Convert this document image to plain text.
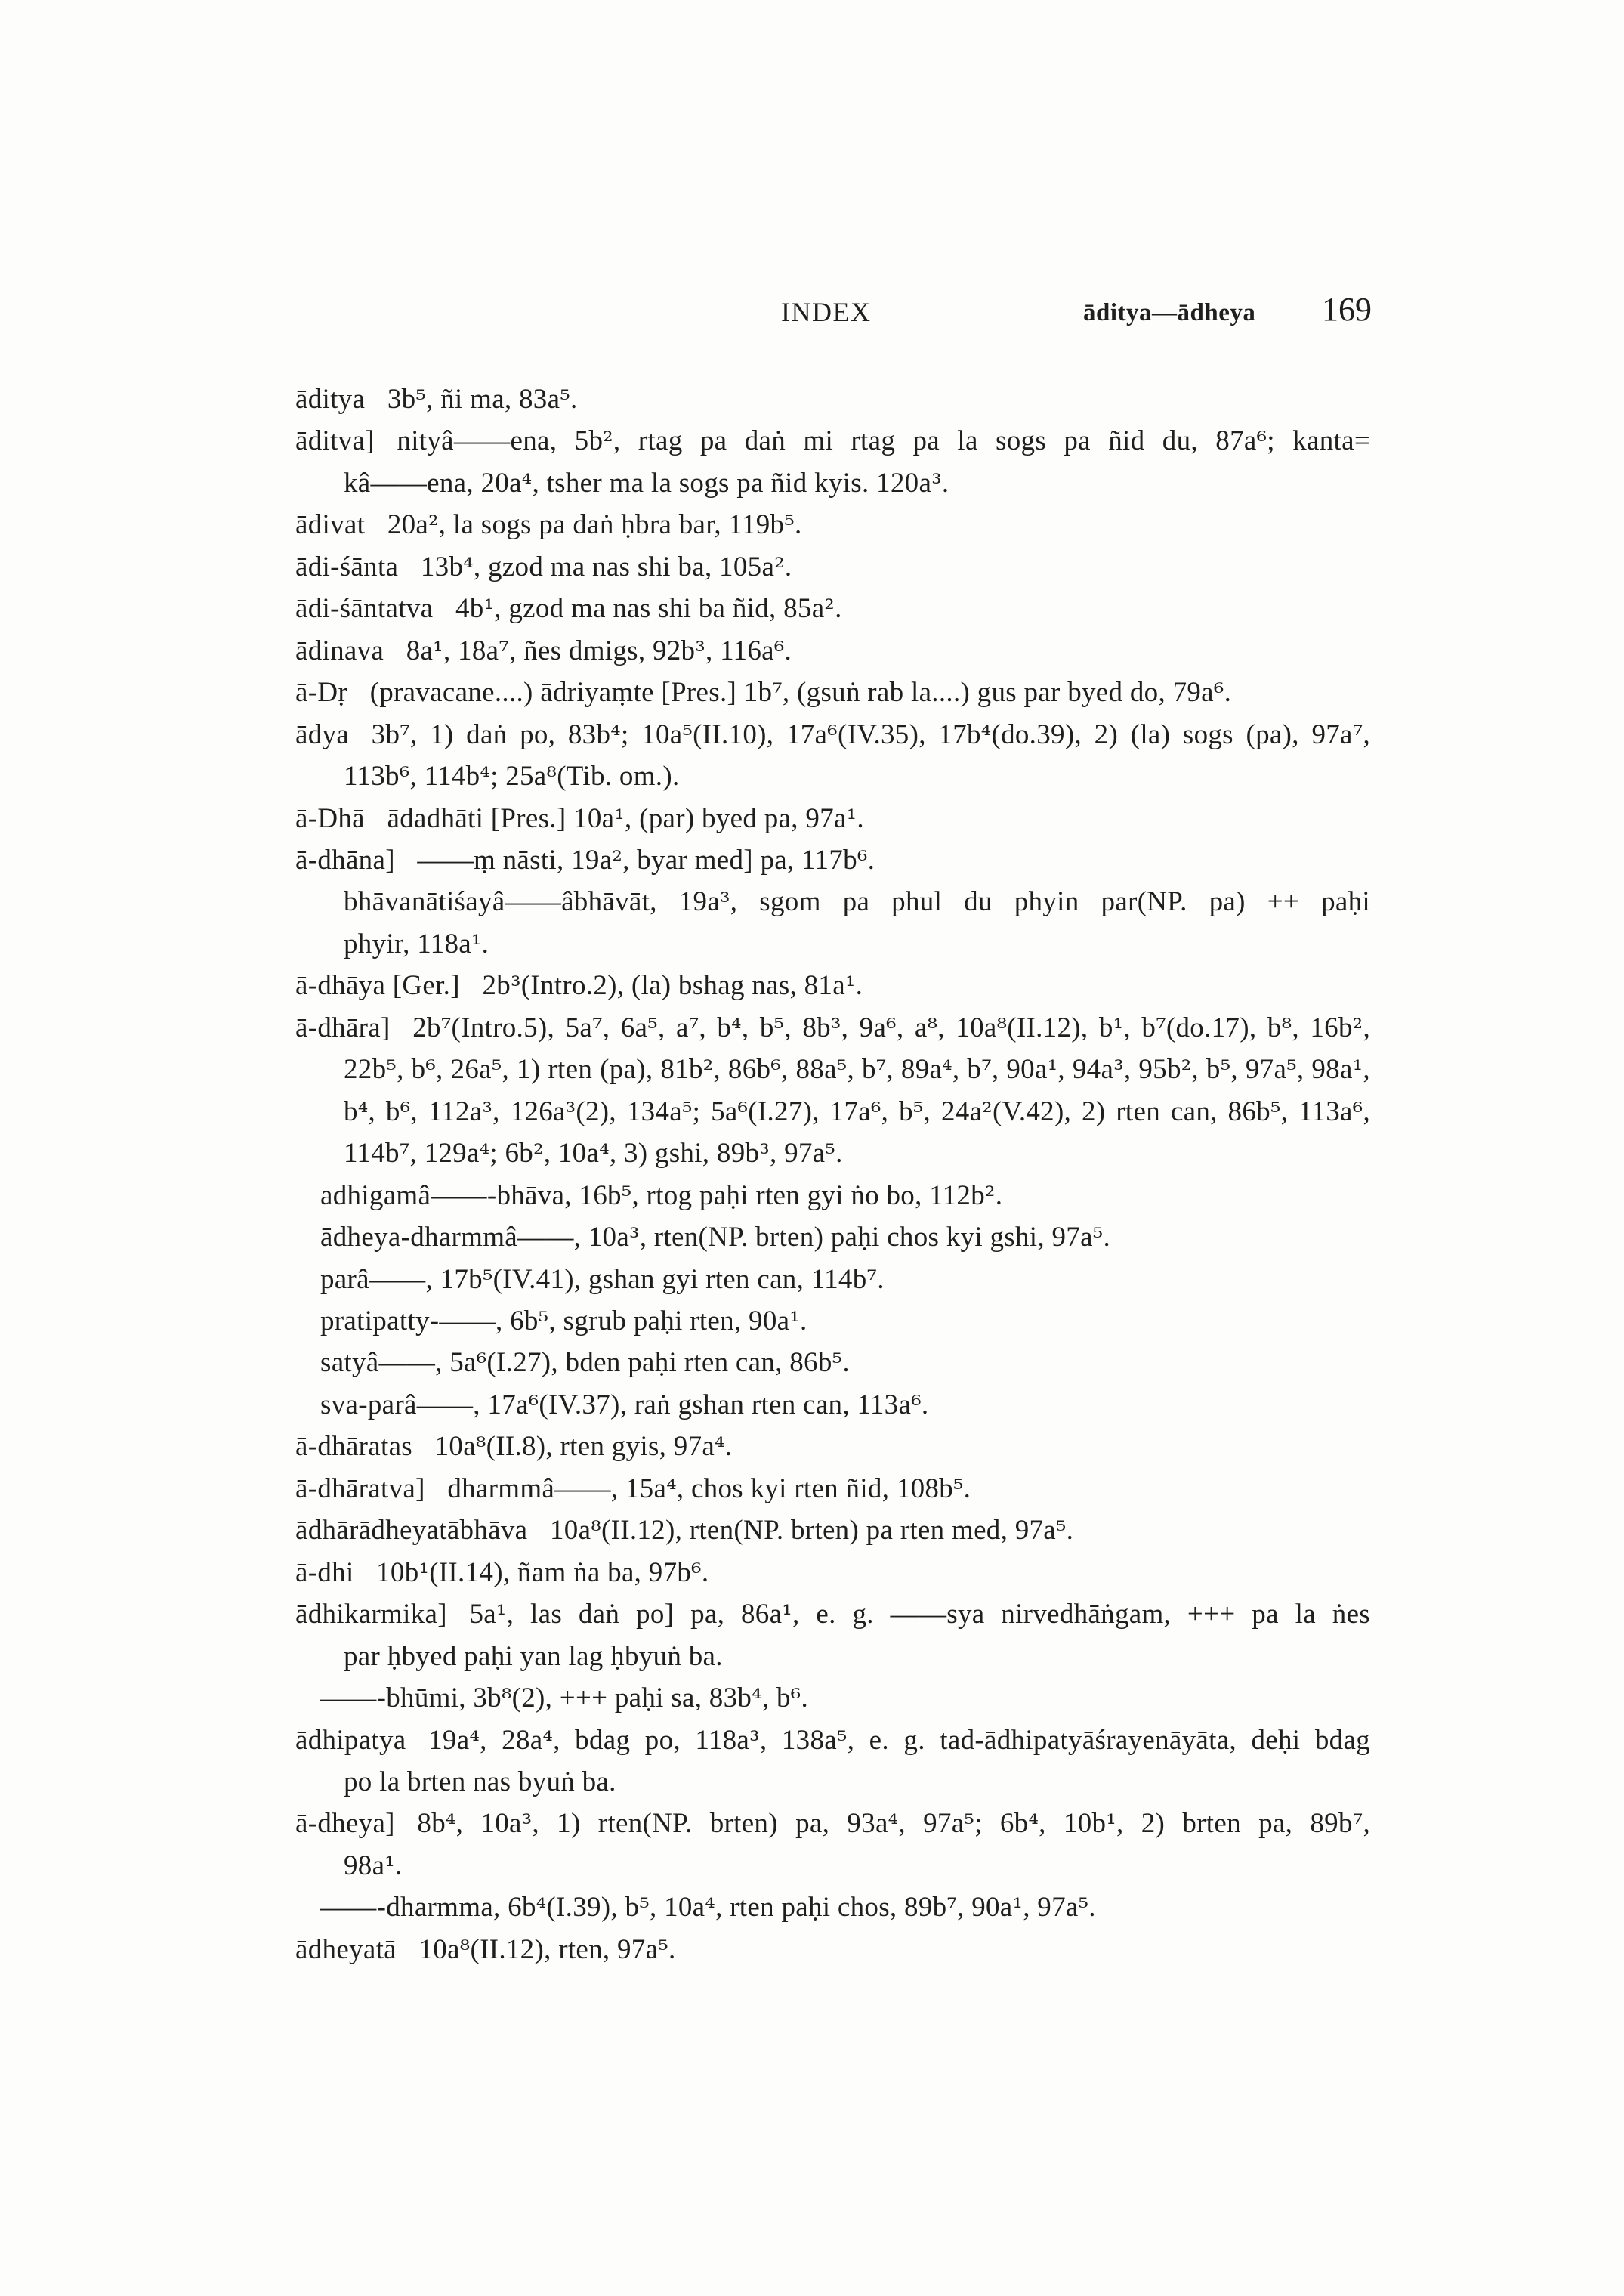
INDEX	āditya—ādheya 169
āditya 3b⁵, ñi ma, 83a⁵.
āditva] nityâ——ena, 5b², rtag pa daṅ mi rtag pa la sogs pa ñid du, 87a⁶; kanta=
kâ——ena, 20a⁴, tsher ma la sogs pa ñid kyis. 120a³.
ādivat 20a², la sogs pa daṅ ḥbra bar, 119b⁵.
ādi-śānta 13b⁴, gzod ma nas shi ba, 105a².
ādi-śāntatva 4b¹, gzod ma nas shi ba ñid, 85a².
ādinava 8a¹, 18a⁷, ñes dmigs, 92b³, 116a⁶.
ā-Dṛ (pravacane....) ādriyaṃte [Pres.] 1b⁷, (gsuṅ rab la....) gus par byed do, 79a⁶.
ādya 3b⁷, 1) daṅ po, 83b⁴; 10a⁵(II.10), 17a⁶(IV.35), 17b⁴(do.39), 2) (la) sogs (pa), 97a⁷,
113b⁶, 114b⁴; 25a⁸(Tib. om.).
ā-Dhā ādadhāti [Pres.] 10a¹, (par) byed pa, 97a¹.
ā-dhāna] ——ṃ nāsti, 19a², byar med] pa, 117b⁶.
bhāvanātiśayâ——âbhāvāt, 19a³, sgom pa phul du phyin par(NP. pa) ++ paḥi
phyir, 118a¹.
ā-dhāya [Ger.] 2b³(Intro.2), (la) bshag nas, 81a¹.
ā-dhāra] 2b⁷(Intro.5), 5a⁷, 6a⁵, a⁷, b⁴, b⁵, 8b³, 9a⁶, a⁸, 10a⁸(II.12), b¹, b⁷(do.17), b⁸, 16b²,
22b⁵, b⁶, 26a⁵, 1) rten (pa), 81b², 86b⁶, 88a⁵, b⁷, 89a⁴, b⁷, 90a¹, 94a³, 95b², b⁵, 97a⁵, 98a¹,
b⁴, b⁶, 112a³, 126a³(2), 134a⁵; 5a⁶(I.27), 17a⁶, b⁵, 24a²(V.42), 2) rten can, 86b⁵, 113a⁶,
114b⁷, 129a⁴; 6b², 10a⁴, 3) gshi, 89b³, 97a⁵.
adhigamâ——-bhāva, 16b⁵, rtog paḥi rten gyi ṅo bo, 112b².
ādheya-dharmmâ——, 10a³, rten(NP. brten) paḥi chos kyi gshi, 97a⁵.
parâ——, 17b⁵(IV.41), gshan gyi rten can, 114b⁷.
pratipatty-——, 6b⁵, sgrub paḥi rten, 90a¹.
satyâ——, 5a⁶(I.27), bden paḥi rten can, 86b⁵.
sva-parâ——, 17a⁶(IV.37), raṅ gshan rten can, 113a⁶.
ā-dhāratas 10a⁸(II.8), rten gyis, 97a⁴.
ā-dhāratva] dharmmâ——, 15a⁴, chos kyi rten ñid, 108b⁵.
ādhārādheyatābhāva 10a⁸(II.12), rten(NP. brten) pa rten med, 97a⁵.
ā-dhi 10b¹(II.14), ñam ṅa ba, 97b⁶.
ādhikarmika] 5a¹, las daṅ po] pa, 86a¹, e. g. ——sya nirvedhāṅgam, +++ pa la ṅes
par ḥbyed paḥi yan lag ḥbyuṅ ba.
——-bhūmi, 3b⁸(2), +++ paḥi sa, 83b⁴, b⁶.
ādhipatya 19a⁴, 28a⁴, bdag po, 118a³, 138a⁵, e. g. tad-ādhipatyāśrayenāyāta, deḥi bdag
po la brten nas byuṅ ba.
ā-dheya] 8b⁴, 10a³, 1) rten(NP. brten) pa, 93a⁴, 97a⁵; 6b⁴, 10b¹, 2) brten pa, 89b⁷,
98a¹.
——-dharmma, 6b⁴(I.39), b⁵, 10a⁴, rten paḥi chos, 89b⁷, 90a¹, 97a⁵.
ādheyatā 10a⁸(II.12), rten, 97a⁵.
